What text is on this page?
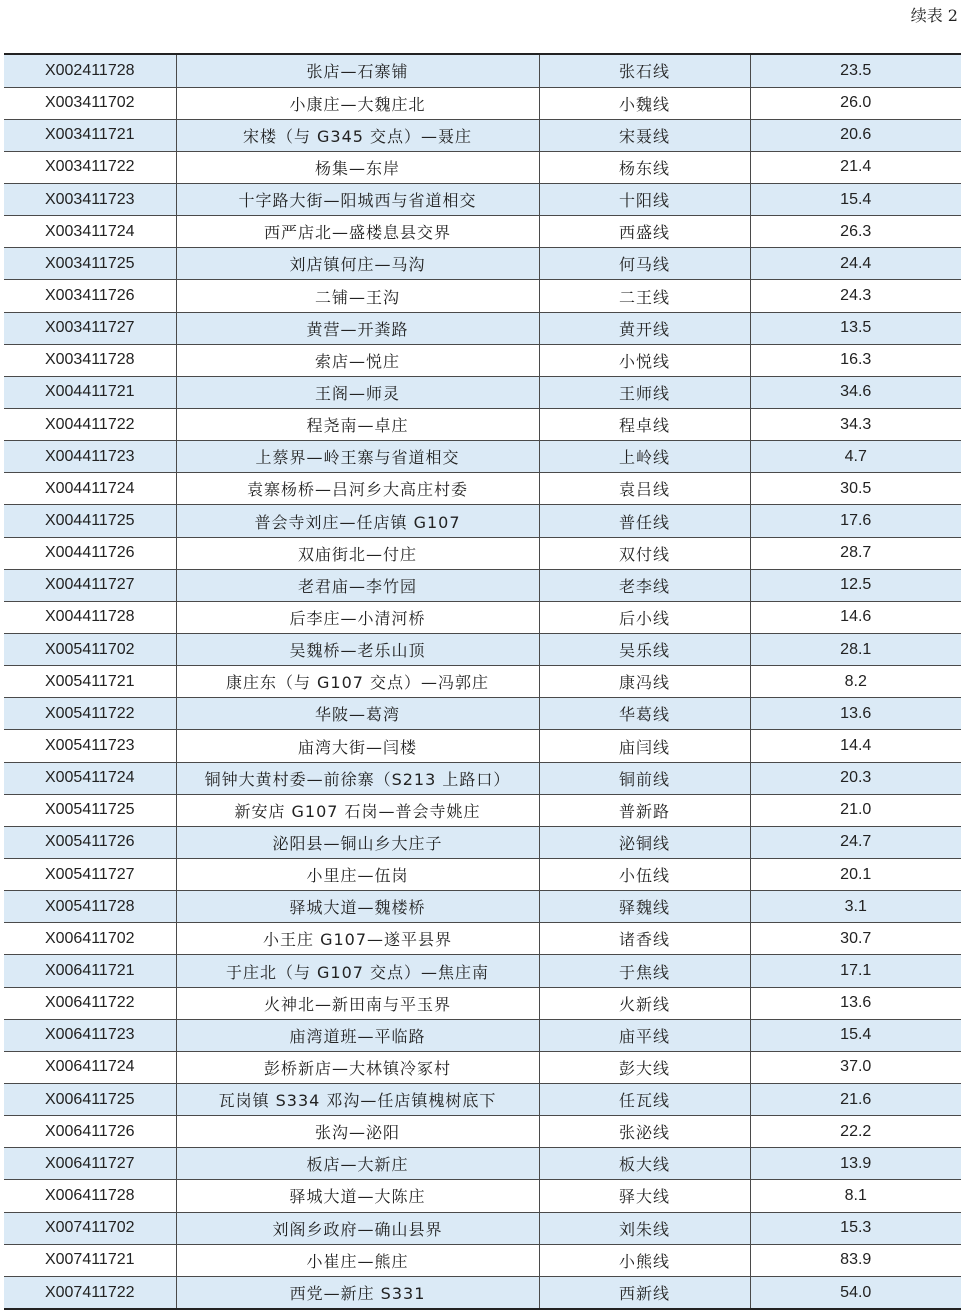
续表 2
X002411728	张店—石寨铺	张石线	23.5
X003411702	小康庄—大魏庄北	小魏线	26.0
X003411721	宋楼（与 G345 交点）—聂庄	宋聂线	20.6
X003411722	杨集—东岸	杨东线	21.4
X003411723	十字路大街—阳城西与省道相交	十阳线	15.4
X003411724	西严店北—盛楼息县交界	西盛线	26.3
X003411725	刘店镇何庄—马沟	何马线	24.4
X003411726	二铺—王沟	二王线	24.3
X003411727	黄营—开粪路	黄开线	13.5
X003411728	索店—悦庄	小悦线	16.3
X004411721	王阁—师灵	王师线	34.6
X004411722	程尧南—卓庄	程卓线	34.3
X004411723	上蔡界—岭王寨与省道相交	上岭线	4.7
X004411724	袁寨杨桥—吕河乡大高庄村委	袁吕线	30.5
X004411725	普会寺刘庄—任店镇 G107	普任线	17.6
X004411726	双庙街北—付庄	双付线	28.7
X004411727	老君庙—李竹园	老李线	12.5
X004411728	后李庄—小清河桥	后小线	14.6
X005411702	吴魏桥—老乐山顶	吴乐线	28.1
X005411721	康庄东（与 G107 交点）—冯郭庄	康冯线	8.2
X005411722	华陂—葛湾	华葛线	13.6
X005411723	庙湾大街—闫楼	庙闫线	14.4
X005411724	铜钟大黄村委—前徐寨（S213 上路口）	铜前线	20.3
X005411725	新安店 G107 石岗—普会寺姚庄	普新路	21.0
X005411726	泌阳县—铜山乡大庄子	泌铜线	24.7
X005411727	小里庄—伍岗	小伍线	20.1
X005411728	驿城大道—魏楼桥	驿魏线	3.1
X006411702	小王庄 G107—遂平县界	诸香线	30.7
X006411721	于庄北（与 G107 交点）—焦庄南	于焦线	17.1
X006411722	火神北—新田南与平玉界	火新线	13.6
X006411723	庙湾道班—平临路	庙平线	15.4
X006411724	彭桥新店—大林镇冷冢村	彭大线	37.0
X006411725	瓦岗镇 S334 邓沟—任店镇槐树底下	任瓦线	21.6
X006411726	张沟—泌阳	张泌线	22.2
X006411727	板店—大新庄	板大线	13.9
X006411728	驿城大道—大陈庄	驿大线	8.1
X007411702	刘阁乡政府—确山县界	刘朱线	15.3
X007411721	小崔庄—熊庄	小熊线	83.9
X007411722	西党—新庄 S331	西新线	54.0
